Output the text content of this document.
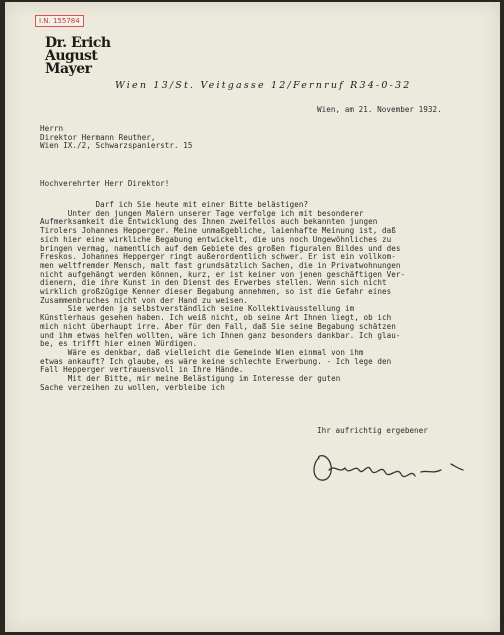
I.N. 155784
Dr. Erich
August
Mayer
Wien 13/St. Veitgasse 12/Fernruf R34-0-32
Wien, am 21. November 1932.
Herrn
Direktor Hermann Reuther,
Wien IX./2, Schwarzspanierstr. 15
Hochverehrter Herr Direktor!
Darf ich Sie heute mit einer Bitte belästigen?
Unter den jungen Malern unserer Tage verfolge ich mit besonderer
Aufmerksamkeit die Entwicklung des Ihnen zweifellos auch bekannten jungen
Tirolers Johannes Hepperger. Meine unmaßgebliche, laienhafte Meinung ist, daß
sich hier eine wirkliche Begabung entwickelt, die uns noch Ungewöhnliches zu
bringen vermag, namentlich auf dem Gebiete des großen figuralen Bildes und des
Freskos. Johannes Hepperger ringt außerordentlich schwer. Er ist ein vollkom-
men weltfremder Mensch, malt fast grundsätzlich Sachen, die in Privatwohnungen
nicht aufgehängt werden können, kurz, er ist keiner von jenen geschäftigen Ver-
dienern, die ihre Kunst in den Dienst des Erwerbes stellen. Wenn sich nicht
wirklich großzügige Kenner dieser Begabung annehmen, so ist die Gefahr eines
Zusammenbruches nicht von der Hand zu weisen.
Sie werden ja selbstverständlich seine Kollektivausstellung im
Künstlerhaus gesehen haben. Ich weiß nicht, ob seine Art Ihnen liegt, ob ich
mich nicht überhaupt irre. Aber für den Fall, daß Sie seine Begabung schätzen
und ihm etwas helfen wollten, wäre ich Ihnen ganz besonders dankbar. Ich glau-
be, es trifft hier einen Würdigen.
Wäre es denkbar, daß vielleicht die Gemeinde Wien einmal von ihm
etwas ankauft? Ich glaube, es wäre keine schlechte Erwerbung. - Ich lege den
Fall Hepperger vertrauensvoll in Ihre Hände.
Mit der Bitte, mir meine Belästigung im Interesse der guten
Sache verzeihen zu wollen, verbleibe ich
Ihr aufrichtig ergebener
